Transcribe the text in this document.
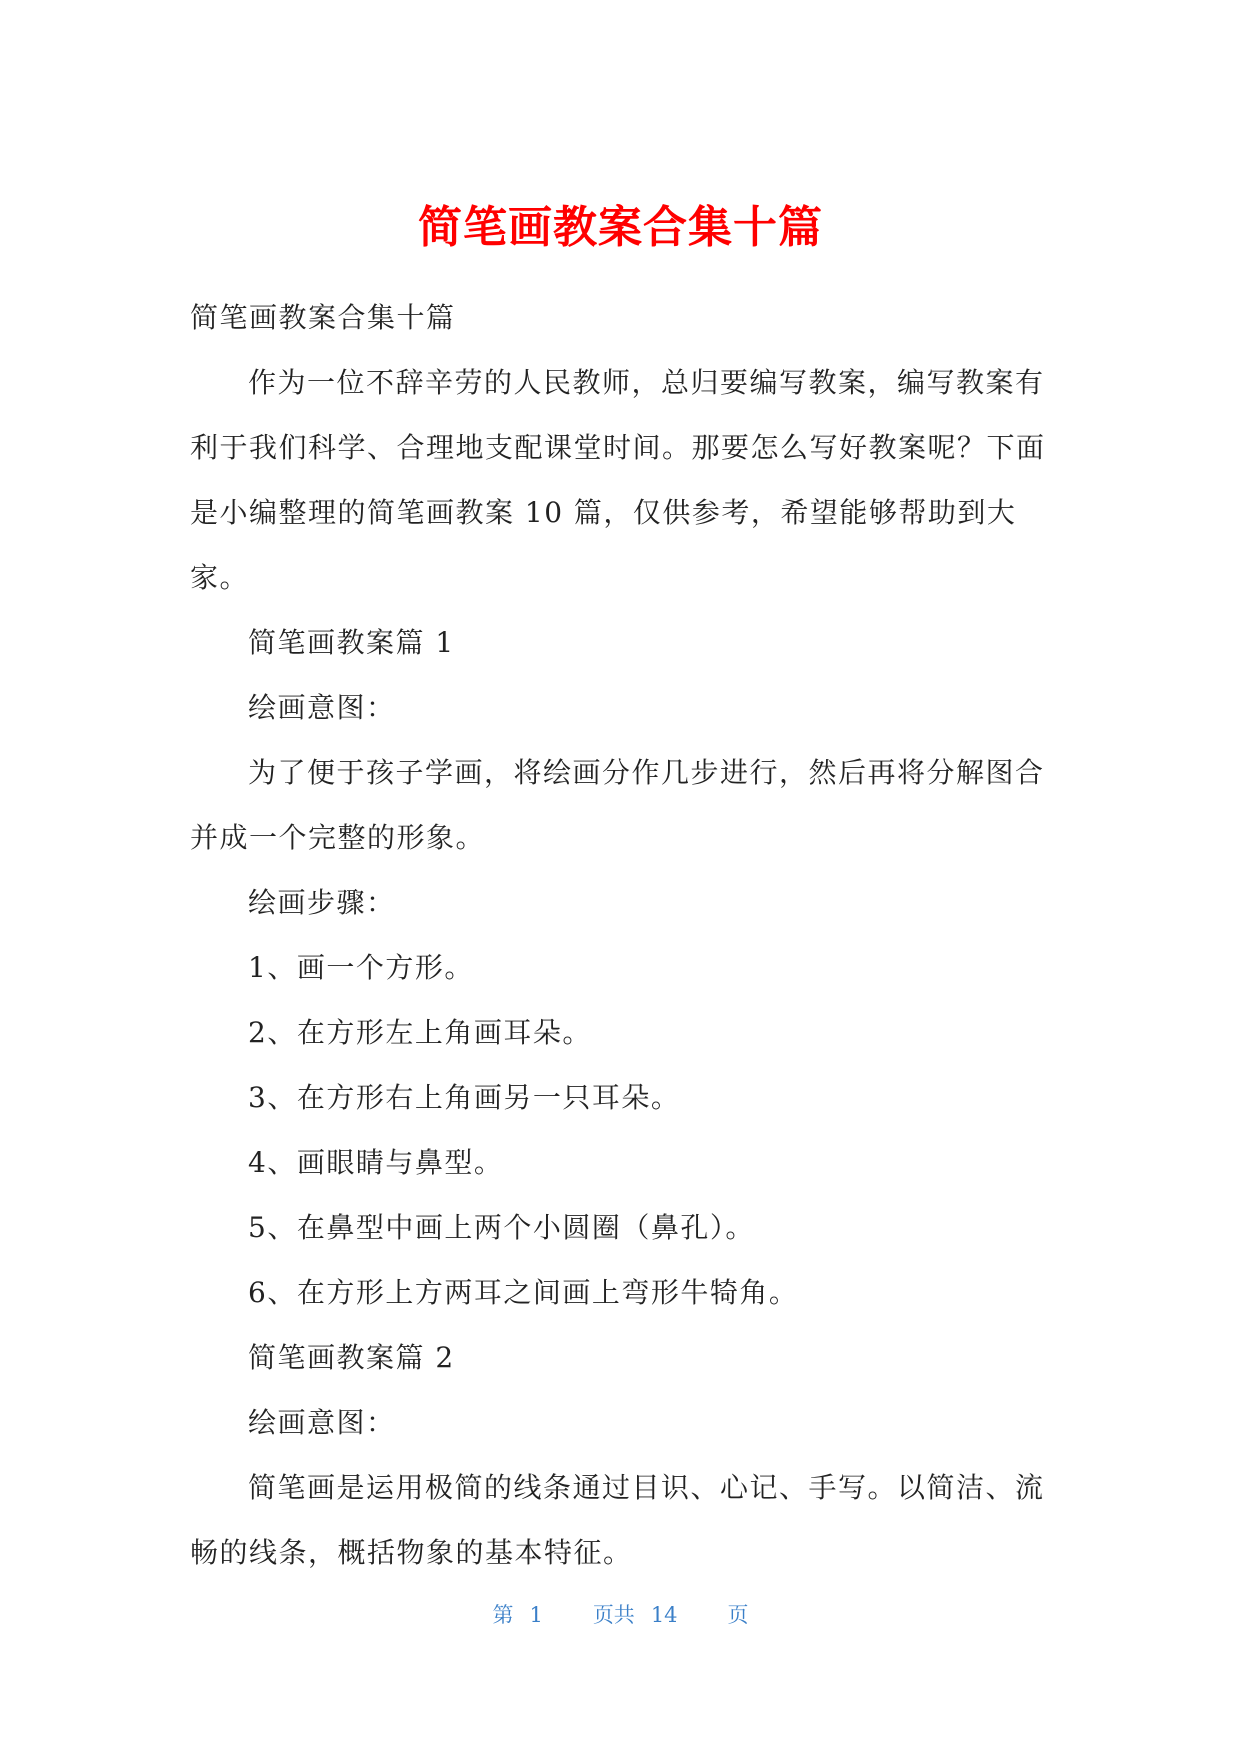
简笔画教案合集十篇

简笔画教案合集十篇

作为一位不辞辛劳的人民教师，总归要编写教案，编写教案有利于我们科学、合理地支配课堂时间。那要怎么写好教案呢？下面是小编整理的简笔画教案 10 篇，仅供参考，希望能够帮助到大家。

简笔画教案篇 1

绘画意图：

为了便于孩子学画，将绘画分作几步进行，然后再将分解图合并成一个完整的形象。

绘画步骤：

1、画一个方形。

2、在方形左上角画耳朵。

3、在方形右上角画另一只耳朵。

4、画眼睛与鼻型。

5、在鼻型中画上两个小圆圈（鼻孔）。

6、在方形上方两耳之间画上弯形牛犄角。

简笔画教案篇 2

绘画意图：

简笔画是运用极简的线条通过目识、心记、手写。以简洁、流畅的线条，概括物象的基本特征。

第 1 页共 14 页
